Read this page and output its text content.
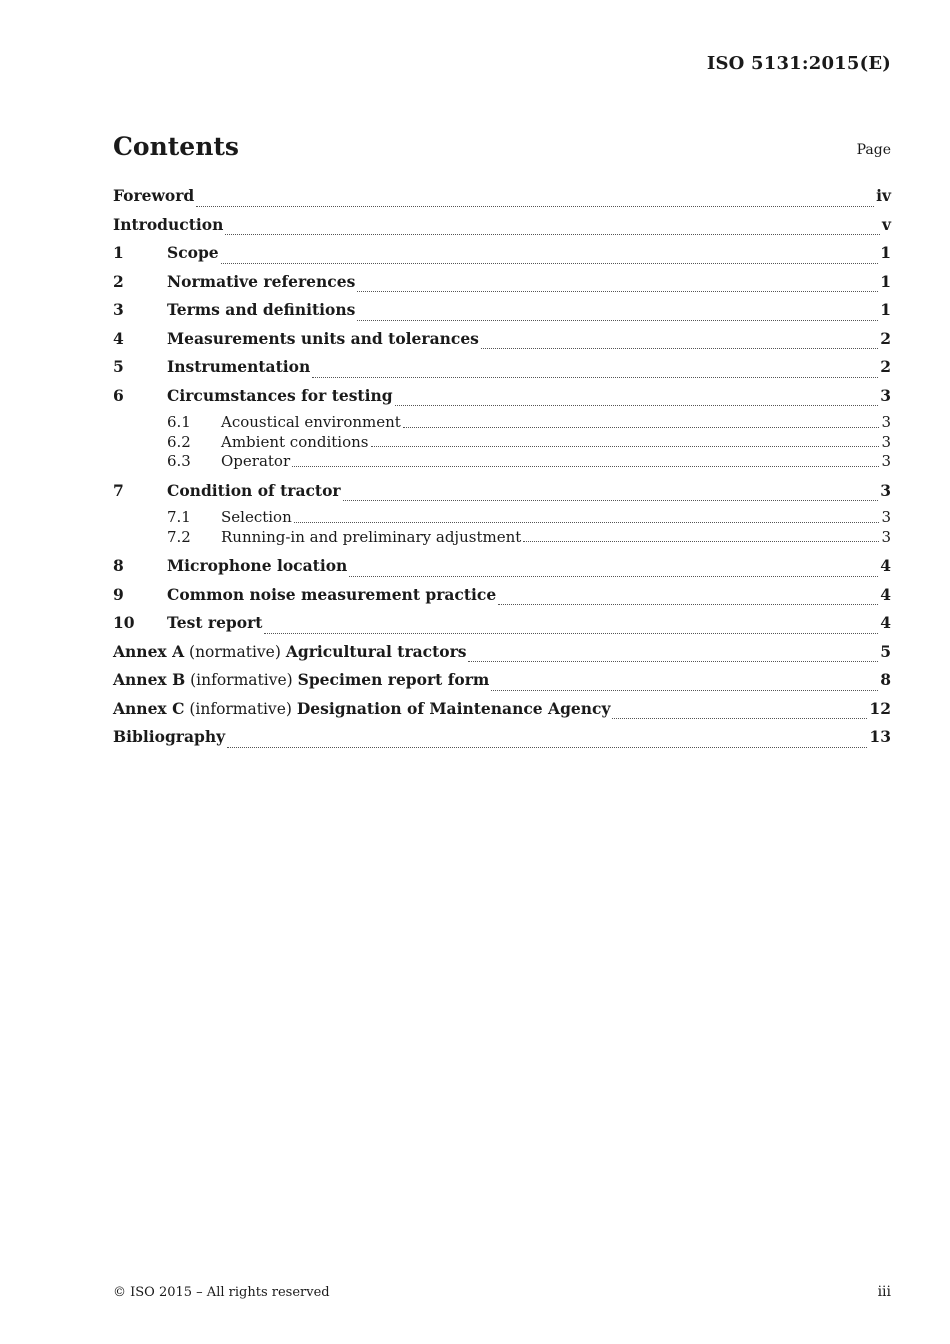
ISO 5131:2015(E)
Contents	Page
Foreword	iv
Introduction	v
1	Scope	1
2	Normative references	1
3	Terms and definitions	1
4	Measurements units and tolerances	2
5	Instrumentation	2
6	Circumstances for testing	3
6.1	Acoustical environment	3
6.2	Ambient conditions	3
6.3	Operator	3
7	Condition of tractor	3
7.1	Selection	3
7.2	Running-in and preliminary adjustment	3
8	Microphone location	4
9	Common noise measurement practice	4
10	Test report	4
Annex A (normative) Agricultural tractors	5
Annex B (informative) Specimen report form	8
Annex C (informative) Designation of Maintenance Agency	12
Bibliography	13
© ISO 2015 – All rights reserved	iii
